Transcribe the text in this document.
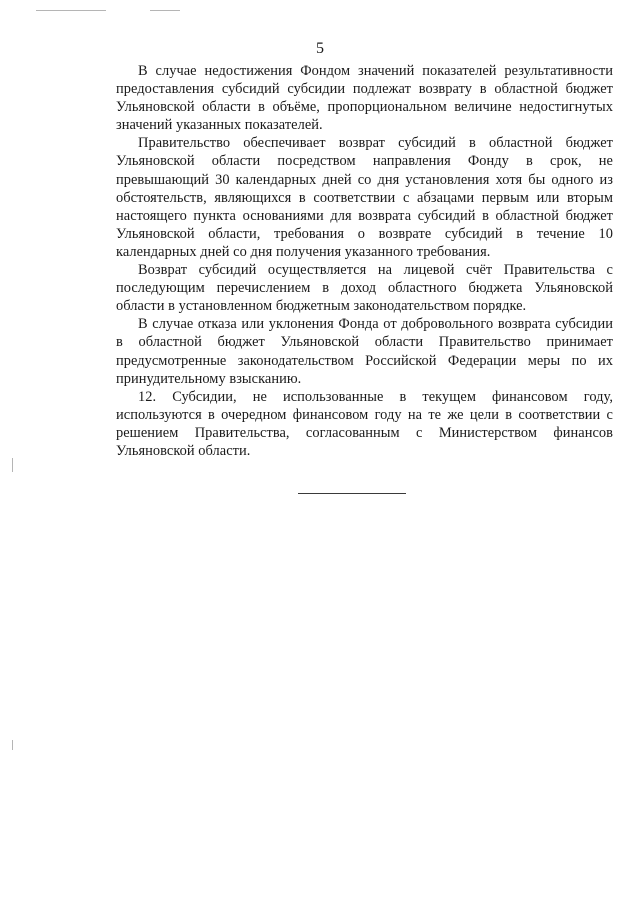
5

В случае недостижения Фондом значений показателей результативности предоставления субсидий субсидии подлежат возврату в областной бюджет Ульяновской области в объёме, пропорциональном величине недостигнутых значений указанных показателей.

Правительство обеспечивает возврат субсидий в областной бюджет Ульяновской области посредством направления Фонду в срок, не превышающий 30 календарных дней со дня установления хотя бы одного из обстоятельств, являющихся в соответствии с абзацами первым или вторым настоящего пункта основаниями для возврата субсидий в областной бюджет Ульяновской области, требования о возврате субсидий в течение 10 календарных дней со дня получения указанного требования.

Возврат субсидий осуществляется на лицевой счёт Правительства с последующим перечислением в доход областного бюджета Ульяновской области в установленном бюджетным законодательством порядке.

В случае отказа или уклонения Фонда от добровольного возврата субсидии в областной бюджет Ульяновской области Правительство принимает предусмотренные законодательством Российской Федерации меры по их принудительному взысканию.

12. Субсидии, не использованные в текущем финансовом году, используются в очередном финансовом году на те же цели в соответствии с решением Правительства, согласованным с Министерством финансов Ульяновской области.
